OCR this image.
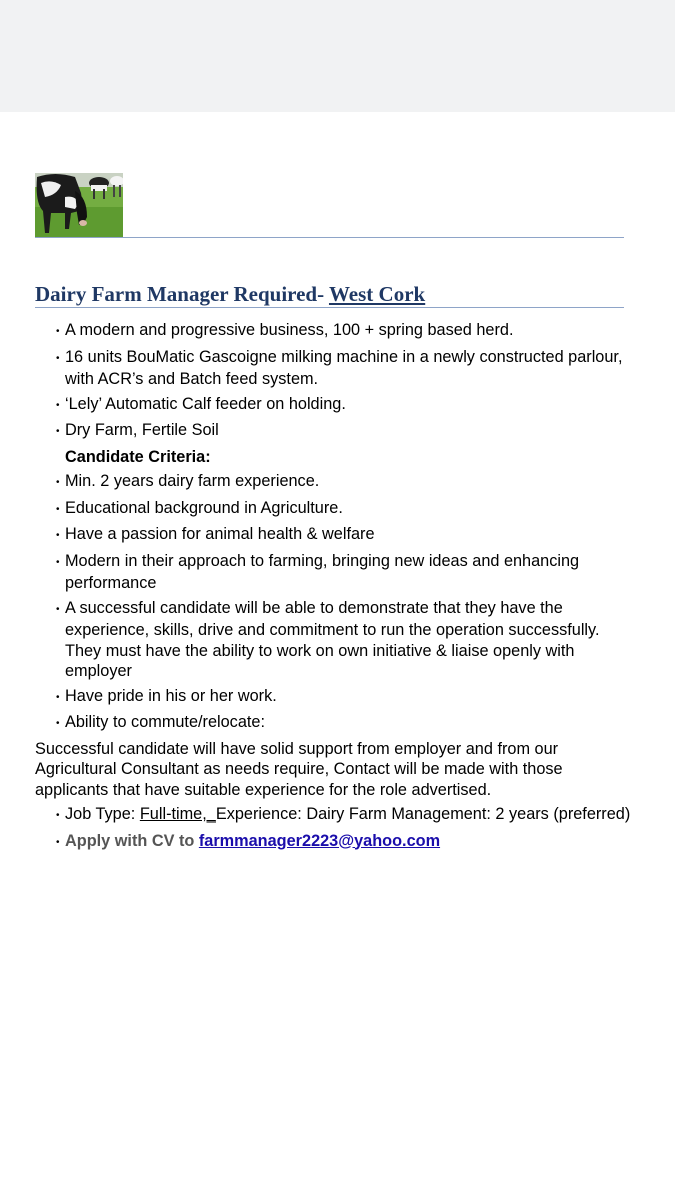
Dairy Farm Manager Required- West Cork
• A modern and progressive business, 100 + spring based herd.
• 16 units BouMatic Gascoigne milking machine in a newly constructed parlour, with ACR’s and Batch feed system.
• ‘Lely’ Automatic Calf feeder on holding.
• Dry Farm, Fertile Soil
Candidate Criteria:
• Min. 2 years dairy farm experience.
• Educational background in Agriculture.
• Have a passion for animal health & welfare
• Modern in their approach to farming, bringing new ideas and enhancing performance
• A successful candidate will be able to demonstrate that they have the experience, skills, drive and commitment to run the operation successfully. They must have the ability to work on own initiative & liaise openly with employer
• Have pride in his or her work.
• Ability to commute/relocate:

Successful candidate will have solid support from employer and from our Agricultural Consultant as needs require, Contact will be made with those applicants that have suitable experience for the role advertised.

• Job Type: Full-time,_Experience: Dairy Farm Management: 2 years (preferred)
• Apply with CV to farmmanager2223@yahoo.com
